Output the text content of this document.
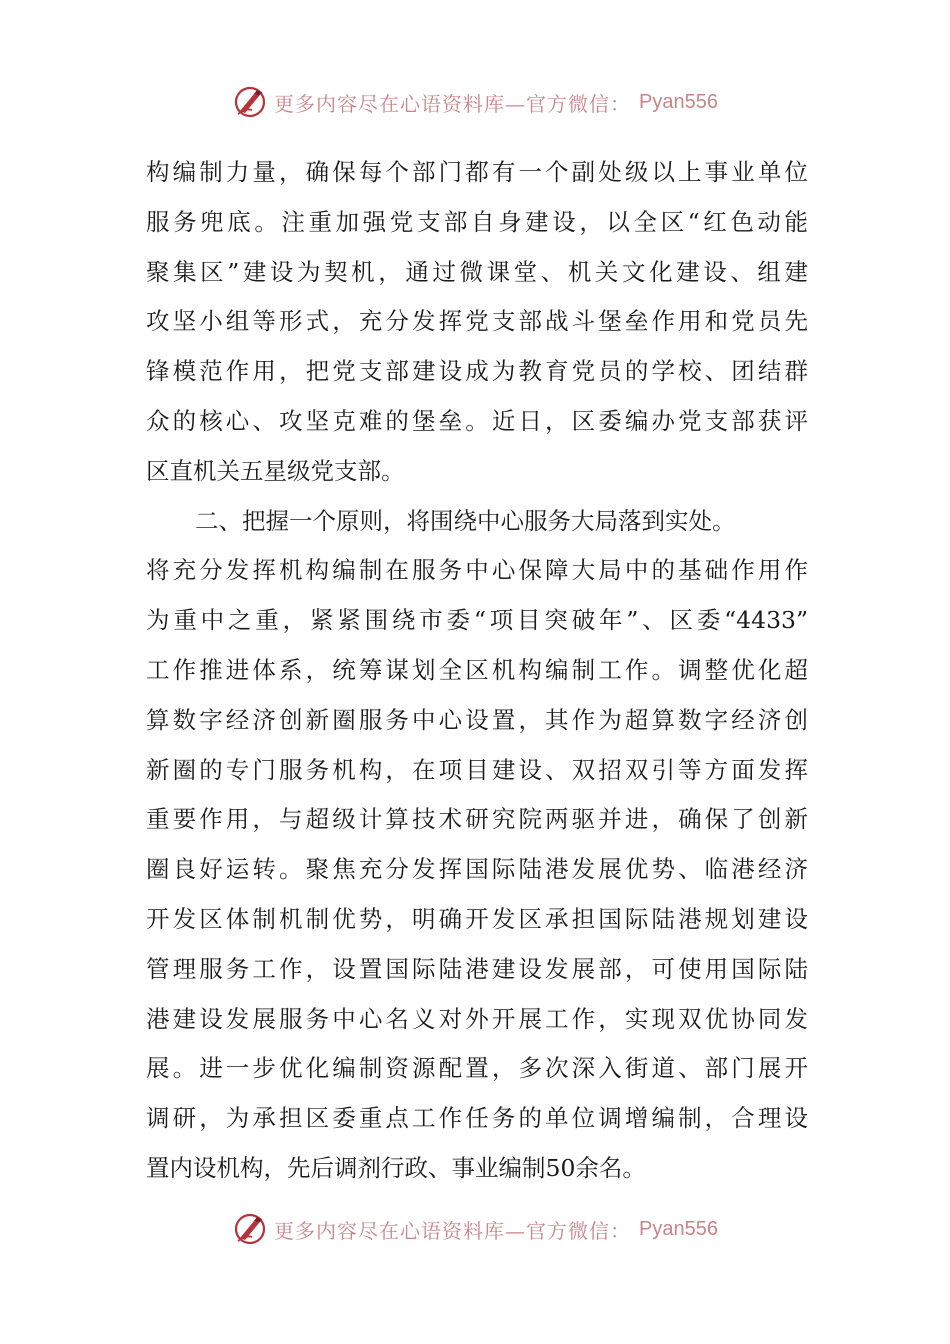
更多内容尽在心语资料库—官方微信： Pyan556
构编制力量，确保每个部门都有一个副处级以上事业单位
服务兜底。注重加强党支部自身建设，以全区“红色动能
聚集区”建设为契机，通过微课堂、机关文化建设、组建
攻坚小组等形式，充分发挥党支部战斗堡垒作用和党员先
锋模范作用，把党支部建设成为教育党员的学校、团结群
众的核心、攻坚克难的堡垒。近日，区委编办党支部获评
区直机关五星级党支部。
二、把握一个原则，将围绕中心服务大局落到实处。
将充分发挥机构编制在服务中心保障大局中的基础作用作
为重中之重，紧紧围绕市委“项目突破年”、区委“4433”
工作推进体系，统筹谋划全区机构编制工作。调整优化超
算数字经济创新圈服务中心设置，其作为超算数字经济创
新圈的专门服务机构，在项目建设、双招双引等方面发挥
重要作用，与超级计算技术研究院两驱并进，确保了创新
圈良好运转。聚焦充分发挥国际陆港发展优势、临港经济
开发区体制机制优势，明确开发区承担国际陆港规划建设
管理服务工作，设置国际陆港建设发展部，可使用国际陆
港建设发展服务中心名义对外开展工作，实现双优协同发
展。进一步优化编制资源配置，多次深入街道、部门展开
调研，为承担区委重点工作任务的单位调增编制，合理设
置内设机构，先后调剂行政、事业编制50余名。
更多内容尽在心语资料库—官方微信： Pyan556
